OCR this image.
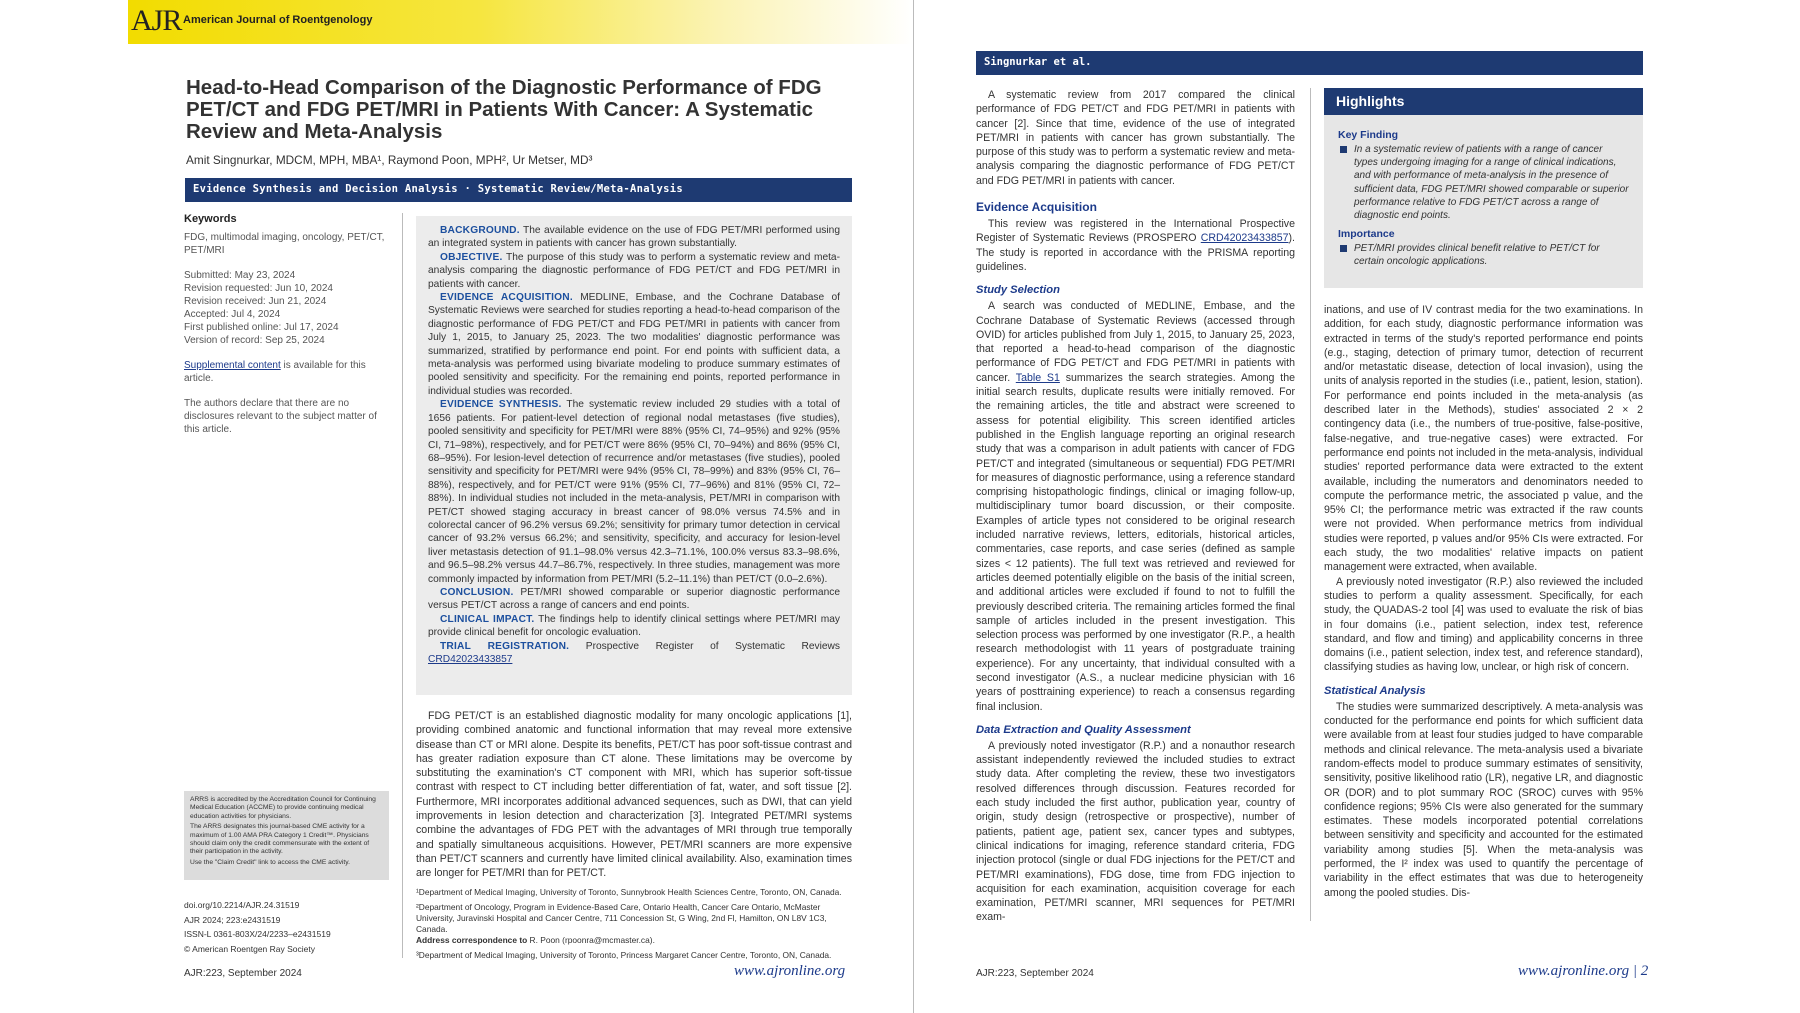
AJR American Journal of Roentgenology
Head-to-Head Comparison of the Diagnostic Performance of FDG PET/CT and FDG PET/MRI in Patients With Cancer: A Systematic Review and Meta-Analysis
Amit Singnurkar, MDCM, MPH, MBA¹, Raymond Poon, MPH², Ur Metser, MD³
Evidence Synthesis and Decision Analysis · Systematic Review/Meta-Analysis
Keywords
FDG, multimodal imaging, oncology, PET/CT, PET/MRI
Submitted: May 23, 2024
Revision requested: Jun 10, 2024
Revision received: Jun 21, 2024
Accepted: Jul 4, 2024
First published online: Jul 17, 2024
Version of record: Sep 25, 2024
Supplemental content is available for this article.
The authors declare that there are no disclosures relevant to the subject matter of this article.

BACKGROUND. The available evidence on the use of FDG PET/MRI performed using an integrated system in patients with cancer has grown substantially.

OBJECTIVE. The purpose of this study was to perform a systematic review and meta-analysis comparing the diagnostic performance of FDG PET/CT and FDG PET/MRI in patients with cancer.

EVIDENCE ACQUISITION. MEDLINE, Embase, and the Cochrane Database of Systematic Reviews were searched for studies reporting a head-to-head comparison of the diagnostic performance of FDG PET/CT and FDG PET/MRI in patients with cancer from July 1, 2015, to January 25, 2023. The two modalities' diagnostic performance was summarized, stratified by performance end point. For end points with sufficient data, a meta-analysis was performed using bivariate modeling to produce summary estimates of pooled sensitivity and specificity. For the remaining end points, reported performance in individual studies was recorded.

EVIDENCE SYNTHESIS. The systematic review included 29 studies with a total of 1656 patients. For patient-level detection of regional nodal metastases (five studies), pooled sensitivity and specificity for PET/MRI were 88% (95% CI, 74–95%) and 92% (95% CI, 71–98%), respectively, and for PET/CT were 86% (95% CI, 70–94%) and 86% (95% CI, 68–95%). For lesion-level detection of recurrence and/or metastases (five studies), pooled sensitivity and specificity for PET/MRI were 94% (95% CI, 78–99%) and 83% (95% CI, 76–88%), respectively, and for PET/CT were 91% (95% CI, 77–96%) and 81% (95% CI, 72–88%). In individual studies not included in the meta-analysis, PET/MRI in comparison with PET/CT showed staging accuracy in breast cancer of 98.0% versus 74.5% and in colorectal cancer of 96.2% versus 69.2%; sensitivity for primary tumor detection in cervical cancer of 93.2% versus 66.2%; and sensitivity, specificity, and accuracy for lesion-level liver metastasis detection of 91.1–98.0% versus 42.3–71.1%, 100.0% versus 83.3–98.6%, and 96.5–98.2% versus 44.7–86.7%, respectively. In three studies, management was more commonly impacted by information from PET/MRI (5.2–11.1%) than PET/CT (0.0–2.6%).

CONCLUSION. PET/MRI showed comparable or superior diagnostic performance versus PET/CT across a range of cancers and end points.

CLINICAL IMPACT. The findings help to identify clinical settings where PET/MRI may provide clinical benefit for oncologic evaluation.

TRIAL REGISTRATION. Prospective Register of Systematic Reviews CRD42023433857

FDG PET/CT is an established diagnostic modality for many oncologic applications [1], providing combined anatomic and functional information that may reveal more extensive disease than CT or MRI alone. Despite its benefits, PET/CT has poor soft-tissue contrast and has greater radiation exposure than CT alone. These limitations may be overcome by substituting the examination's CT component with MRI, which has superior soft-tissue contrast with respect to CT including better differentiation of fat, water, and soft tissue [2]. Furthermore, MRI incorporates additional advanced sequences, such as DWI, that can yield improvements in lesion detection and characterization [3]. Integrated PET/MRI systems combine the advantages of FDG PET with the advantages of MRI through true temporally and spatially simultaneous acquisitions. However, PET/MRI scanners are more expensive than PET/CT scanners and currently have limited clinical availability. Also, examination times are longer for PET/MRI than for PET/CT.

¹Department of Medical Imaging, University of Toronto, Sunnybrook Health Sciences Centre, Toronto, ON, Canada.
²Department of Oncology, Program in Evidence-Based Care, Ontario Health, Cancer Care Ontario, McMaster University, Juravinski Hospital and Cancer Centre, 711 Concession St, G Wing, 2nd Fl, Hamilton, ON L8V 1C3, Canada.
Address correspondence to R. Poon (rpoonra@mcmaster.ca).
³Department of Medical Imaging, University of Toronto, Princess Margaret Cancer Centre, Toronto, ON, Canada.
ARRS is accredited by the Accreditation Council for Continuing Medical Education (ACCME) to provide continuing medical education activities for physicians.
The ARRS designates this journal-based CME activity for a maximum of 1.00 AMA PRA Category 1 Credit™. Physicians should claim only the credit commensurate with the extent of their participation in the activity.
Use the "Claim Credit" link to access the CME activity.
doi.org/10.2214/AJR.24.31519
AJR 2024; 223:e2431519
ISSN-L 0361-803X/24/2233–e2431519
© American Roentgen Ray Society
AJR:223, September 2024	www.ajronline.org
Singnurkar et al.

A systematic review from 2017 compared the clinical performance of FDG PET/CT and FDG PET/MRI in patients with cancer [2]. Since that time, evidence of the use of integrated PET/MRI in patients with cancer has grown substantially. The purpose of this study was to perform a systematic review and meta-analysis comparing the diagnostic performance of FDG PET/CT and FDG PET/MRI in patients with cancer.

Evidence Acquisition

This review was registered in the International Prospective Register of Systematic Reviews (PROSPERO CRD42023433857). The study is reported in accordance with the PRISMA reporting guidelines.

Study Selection

A search was conducted of MEDLINE, Embase, and the Cochrane Database of Systematic Reviews (accessed through OVID) for articles published from July 1, 2015, to January 25, 2023, that reported a head-to-head comparison of the diagnostic performance of FDG PET/CT and FDG PET/MRI in patients with cancer. Table S1 summarizes the search strategies. Among the initial search results, duplicate results were initially removed. For the remaining articles, the title and abstract were screened to assess for potential eligibility. This screen identified articles published in the English language reporting an original research study that was a comparison in adult patients with cancer of FDG PET/CT and integrated (simultaneous or sequential) FDG PET/MRI for measures of diagnostic performance, using a reference standard comprising histopathologic findings, clinical or imaging follow-up, multidisciplinary tumor board discussion, or their composite. Examples of article types not considered to be original research included narrative reviews, letters, editorials, historical articles, commentaries, case reports, and case series (defined as sample sizes < 12 patients). The full text was retrieved and reviewed for articles deemed potentially eligible on the basis of the initial screen, and additional articles were excluded if found to not to fulfill the previously described criteria. The remaining articles formed the final sample of articles included in the present investigation. This selection process was performed by one investigator (R.P., a health research methodologist with 11 years of postgraduate training experience). For any uncertainty, that individual consulted with a second investigator (A.S., a nuclear medicine physician with 16 years of posttraining experience) to reach a consensus regarding final inclusion.

Data Extraction and Quality Assessment

A previously noted investigator (R.P.) and a nonauthor research assistant independently reviewed the included studies to extract study data. After completing the review, these two investigators resolved differences through discussion. Features recorded for each study included the first author, publication year, country of origin, study design (retrospective or prospective), number of patients, patient age, patient sex, cancer types and subtypes, clinical indications for imaging, reference standard criteria, FDG injection protocol (single or dual FDG injections for the PET/CT and PET/MRI examinations), FDG dose, time from FDG injection to acquisition for each examination, acquisition coverage for each examination, PET/MRI scanner, MRI sequences for PET/MRI exam-

Highlights
Key Finding
In a systematic review of patients with a range of cancer types undergoing imaging for a range of clinical indications, and with performance of meta-analysis in the presence of sufficient data, FDG PET/MRI showed comparable or superior performance relative to FDG PET/CT across a range of diagnostic end points.
Importance
PET/MRI provides clinical benefit relative to PET/CT for certain oncologic applications.

inations, and use of IV contrast media for the two examinations. In addition, for each study, diagnostic performance information was extracted in terms of the study's reported performance end points (e.g., staging, detection of primary tumor, detection of recurrent and/or metastatic disease, detection of local invasion), using the units of analysis reported in the studies (i.e., patient, lesion, station). For performance end points included in the meta-analysis (as described later in the Methods), studies' associated 2 × 2 contingency data (i.e., the numbers of true-positive, false-positive, false-negative, and true-negative cases) were extracted. For performance end points not included in the meta-analysis, individual studies' reported performance data were extracted to the extent available, including the numerators and denominators needed to compute the performance metric, the associated p value, and the 95% CI; the performance metric was extracted if the raw counts were not provided. When performance metrics from individual studies were reported, p values and/or 95% CIs were extracted. For each study, the two modalities' relative impacts on patient management were extracted, when available.

A previously noted investigator (R.P.) also reviewed the included studies to perform a quality assessment. Specifically, for each study, the QUADAS-2 tool [4] was used to evaluate the risk of bias in four domains (i.e., patient selection, index test, reference standard, and flow and timing) and applicability concerns in three domains (i.e., patient selection, index test, and reference standard), classifying studies as having low, unclear, or high risk of concern.

Statistical Analysis

The studies were summarized descriptively. A meta-analysis was conducted for the performance end points for which sufficient data were available from at least four studies judged to have comparable methods and clinical relevance. The meta-analysis used a bivariate random-effects model to produce summary estimates of sensitivity, sensitivity, positive likelihood ratio (LR), negative LR, and diagnostic OR (DOR) and to plot summary ROC (SROC) curves with 95% confidence regions; 95% CIs were also generated for the summary estimates. These models incorporated potential correlations between sensitivity and specificity and accounted for the estimated variability among studies [5]. When the meta-analysis was performed, the I² index was used to quantify the percentage of variability in the effect estimates that was due to heterogeneity among the pooled studies. Dis-

AJR:223, September 2024	www.ajronline.org | 2
